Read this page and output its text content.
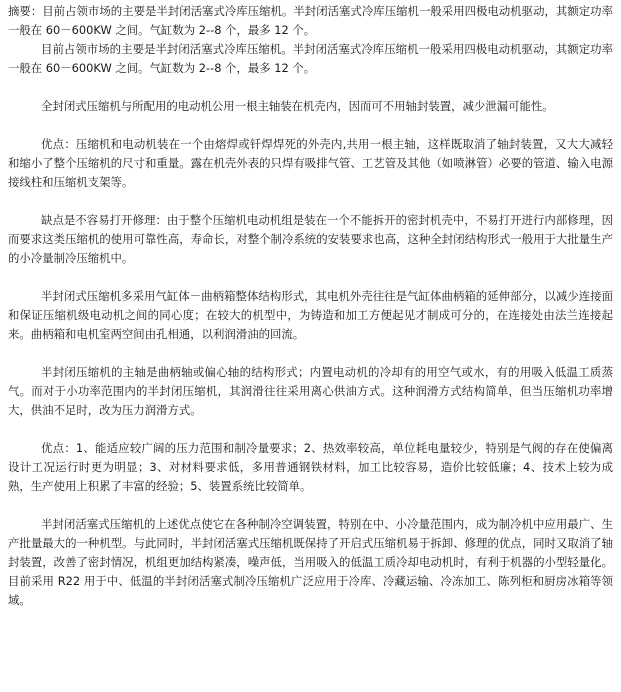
摘要：目前占领市场的主要是半封闭活塞式冷库压缩机。半封闭活塞式冷库压缩机一般采用四极电动机驱动，其额定功率一般在 60－600KW 之间。气缸数为 2--8 个，最多 12 个。

目前占领市场的主要是半封闭活塞式冷库压缩机。半封闭活塞式冷库压缩机一般采用四极电动机驱动，其额定功率一般在 60－600KW 之间。气缸数为 2--8 个，最多 12 个。

全封闭式压缩机与所配用的电动机公用一根主轴装在机壳内，因而可不用轴封装置，减少泄漏可能性。

优点：压缩机和电动机装在一个由熔焊或钎焊焊死的外壳内,共用一根主轴，这样既取消了轴封装置，又大大减轻和缩小了整个压缩机的尺寸和重量。露在机壳外表的只焊有吸排气管、工艺管及其他（如喷淋管）必要的管道、输入电源接线柱和压缩机支架等。

缺点是不容易打开修理：由于整个压缩机电动机组是装在一个不能拆开的密封机壳中，不易打开进行内部修理，因而要求这类压缩机的使用可靠性高，寿命长，对整个制冷系统的安装要求也高，这种全封闭结构形式一般用于大批量生产的小冷量制冷压缩机中。

半封闭式压缩机多采用气缸体－曲柄箱整体结构形式，其电机外壳往往是气缸体曲柄箱的延伸部分，以减少连接面和保证压缩机级电动机之间的同心度；在较大的机型中，为铸造和加工方便起见才制成可分的，在连接处由法兰连接起来。曲柄箱和电机室两空间由孔相通，以利润滑油的回流。

半封闭压缩机的主轴是曲柄轴或偏心轴的结构形式；内置电动机的冷却有的用空气或水，有的用吸入低温工质蒸气。而对于小功率范围内的半封闭压缩机，其润滑往往采用离心供油方式。这种润滑方式结构简单，但当压缩机功率增大，供油不足时，改为压力润滑方式。

优点：1、能适应较广阔的压力范围和制冷量要求；2、热效率较高，单位耗电量较少，特别是气阀的存在使偏离设计工况运行时更为明显；3、对材料要求低，多用普通钢铁材料，加工比较容易，造价比较低廉；4、技术上较为成熟，生产使用上积累了丰富的经验；5、装置系统比较简单。

半封闭活塞式压缩机的上述优点使它在各种制冷空调装置，特别在中、小冷量范围内，成为制冷机中应用最广、生产批量最大的一种机型。与此同时，半封闭活塞式压缩机既保持了开启式压缩机易于拆卸、修理的优点，同时又取消了轴封装置，改善了密封情况，机组更加结构紧凑，噪声低，当用吸入的低温工质冷却电动机时，有利于机器的小型轻量化。目前采用 R22 用于中、低温的半封闭活塞式制冷压缩机广泛应用于冷库、冷藏运输、冷冻加工、陈列柜和厨房冰箱等领域。
